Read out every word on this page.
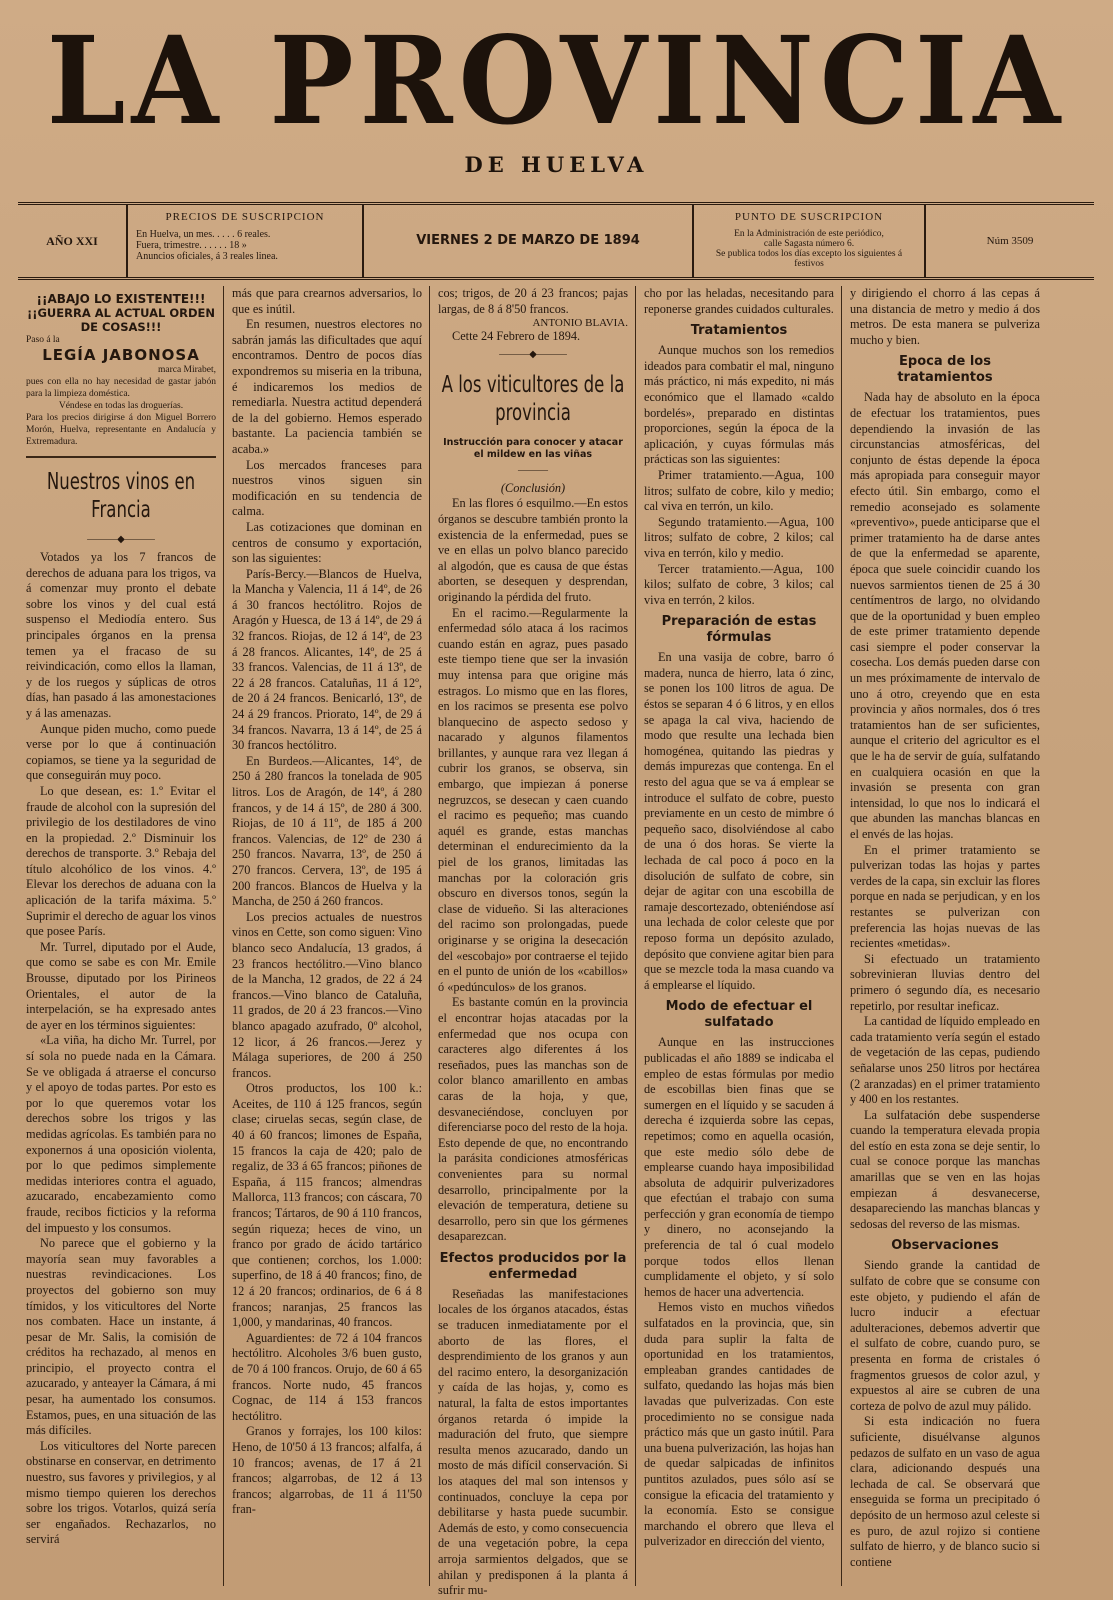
LA PROVINCIA
DE HUELVA
AÑO XXI
PRECIOS DE SUSCRIPCION
En Huelva, un mes. . . . . 6 reales.
Fuera, trimestre. . . . . . 18 »
Anuncios oficiales, á 3 reales linea.
VIERNES 2 DE MARZO DE 1894
PUNTO DE SUSCRIPCION
En la Administración de este periódico,
calle Sagasta número 6.
Se publica todos los días excepto los siguientes á festivos
Núm 3509
¡¡ABAJO LO EXISTENTE!!!
¡¡GUERRA AL ACTUAL ORDEN DE COSAS!!!
Paso á la
LEGÍA JABONOSA
marca Mirabet,
pues con ella no hay necesidad de gastar jabón para la limpieza doméstica.
Véndese en todas las droguerías.
Para los precios dirigirse á don Miguel Borrero Morón, Huelva, representante en Andalucía y Extremadura.
Nuestros vinos en Francia
———◆———

Votados ya los 7 francos de derechos de aduana para los trigos, va á comenzar muy pronto el debate sobre los vinos y del cual está suspenso el Mediodía entero. Sus principales órganos en la prensa temen ya el fracaso de su reivindicación, como ellos la llaman, y de los ruegos y súplicas de otros días, han pasado á las amonestaciones y á las amenazas.

Aunque piden mucho, como puede verse por lo que á continuación copiamos, se tiene ya la seguridad de que conseguirán muy poco.

Lo que desean, es: 1.º Evitar el fraude de alcohol con la supresión del privilegio de los destiladores de vino en la propiedad. 2.º Disminuir los derechos de transporte. 3.º Rebaja del título alcohólico de los vinos. 4.º Elevar los derechos de aduana con la aplicación de la tarifa máxima. 5.º Suprimir el derecho de aguar los vinos que posee París.

Mr. Turrel, diputado por el Aude, que como se sabe es con Mr. Emile Brousse, diputado por los Pirineos Orientales, el autor de la interpelación, se ha expresado antes de ayer en los términos siguientes:

«La viña, ha dicho Mr. Turrel, por sí sola no puede nada en la Cámara. Se ve obligada á atraerse el concurso y el apoyo de todas partes. Por esto es por lo que queremos votar los derechos sobre los trigos y las medidas agrícolas. Es también para no exponernos á una oposición violenta, por lo que pedimos simplemente medidas interiores contra el aguado, azucarado, encabezamiento como fraude, recibos ficticios y la reforma del impuesto y los consumos.

No parece que el gobierno y la mayoría sean muy favorables a nuestras revindicaciones. Los proyectos del gobierno son muy tímidos, y los viticultores del Norte nos combaten. Hace un instante, á pesar de Mr. Salis, la comisión de créditos ha rechazado, al menos en principio, el proyecto contra el azucarado, y anteayer la Cámara, á mi pesar, ha aumentado los consumos. Estamos, pues, en una situación de las más difíciles.

Los viticultores del Norte parecen obstinarse en conservar, en detrimento nuestro, sus favores y privilegios, y al mismo tiempo quieren los derechos sobre los trigos. Votarlos, quizá sería ser engañados. Rechazarlos, no servirá

más que para crearnos adversarios, lo que es inútil.

En resumen, nuestros electores no sabrán jamás las dificultades que aquí encontramos. Dentro de pocos días expondremos su miseria en la tribuna, é indicaremos los medios de remediarla. Nuestra actitud dependerá de la del gobierno. Hemos esperado bastante. La paciencia también se acaba.»

Los mercados franceses para nuestros vinos siguen sin modificación en su tendencia de calma.

Las cotizaciones que dominan en centros de consumo y exportación, son las siguientes:

París-Bercy.—Blancos de Huelva, la Mancha y Valencia, 11 á 14º, de 26 á 30 francos hectólitro. Rojos de Aragón y Huesca, de 13 á 14º, de 29 á 32 francos. Riojas, de 12 á 14º, de 23 á 28 francos. Alicantes, 14º, de 25 á 33 francos. Valencias, de 11 á 13º, de 22 á 28 francos. Cataluñas, 11 á 12º, de 20 á 24 francos. Benicarló, 13º, de 24 á 29 francos. Priorato, 14º, de 29 á 34 francos. Navarra, 13 á 14º, de 25 á 30 francos hectólitro.

En Burdeos.—Alicantes, 14º, de 250 á 280 francos la tonelada de 905 litros. Los de Aragón, de 14º, á 280 francos, y de 14 á 15º, de 280 á 300. Riojas, de 10 á 11º, de 185 á 200 francos. Valencias, de 12º de 230 á 250 francos. Navarra, 13º, de 250 á 270 francos. Cervera, 13º, de 195 á 200 francos. Blancos de Huelva y la Mancha, de 250 á 260 francos.

Los precios actuales de nuestros vinos en Cette, son como siguen: Vino blanco seco Andalucía, 13 grados, á 23 francos hectólitro.—Vino blanco de la Mancha, 12 grados, de 22 á 24 francos.—Vino blanco de Cataluña, 11 grados, de 20 á 23 francos.—Vino blanco apagado azufrado, 0º alcohol, 12 licor, á 26 francos.—Jerez y Málaga superiores, de 200 á 250 francos.

Otros productos, los 100 k.: Aceites, de 110 á 125 francos, según clase; ciruelas secas, según clase, de 40 á 60 francos; limones de España, 15 francos la caja de 420; palo de regaliz, de 33 á 65 francos; piñones de España, á 115 francos; almendras Mallorca, 113 francos; con cáscara, 70 francos; Tártaros, de 90 á 110 francos, según riqueza; heces de vino, un franco por grado de ácido tartárico que contienen; corchos, los 1.000: superfino, de 18 á 40 francos; fino, de 12 á 20 francos; ordinarios, de 6 á 8 francos; naranjas, 25 francos las 1,000, y mandarinas, 40 francos.

Aguardientes: de 72 á 104 francos hectólitro. Alcoholes 3/6 buen gusto, de 70 á 100 francos. Orujo, de 60 á 65 francos. Norte nudo, 45 francos Cognac, de 114 á 153 francos hectólitro.

Granos y forrajes, los 100 kilos: Heno, de 10'50 á 13 francos; alfalfa, á 10 francos; avenas, de 17 á 21 francos; algarrobas, de 12 á 13 francos; algarrobas, de 11 á 11'50 fran-

cos; trigos, de 20 á 23 francos; pajas largas, de 8 á 8'50 francos.

ANTONIO BLAVIA.

Cette 24 Febrero de 1894.

———◆———
A los viticultores de la provincia
Instrucción para conocer y atacar el mildew en las viñas
———

(Conclusión)

En las flores ó esquilmo.—En estos órganos se descubre también pronto la existencia de la enfermedad, pues se ve en ellas un polvo blanco parecido al algodón, que es causa de que éstas aborten, se desequen y desprendan, originando la pérdida del fruto.

En el racimo.—Regularmente la enfermedad sólo ataca á los racimos cuando están en agraz, pues pasado este tiempo tiene que ser la invasión muy intensa para que origine más estragos. Lo mismo que en las flores, en los racimos se presenta ese polvo blanquecino de aspecto sedoso y nacarado y algunos filamentos brillantes, y aunque rara vez llegan á cubrir los granos, se observa, sin embargo, que impiezan á ponerse negruzcos, se desecan y caen cuando el racimo es pequeño; mas cuando aquél es grande, estas manchas determinan el endurecimiento da la piel de los granos, limitadas las manchas por la coloración gris obscuro en diversos tonos, según la clase de vidueño. Si las alteraciones del racimo son prolongadas, puede originarse y se origina la desecación del «escobajo» por contraerse el tejido en el punto de unión de los «cabillos» ó «pedúnculos» de los granos.

Es bastante común en la provincia el encontrar hojas atacadas por la enfermedad que nos ocupa con caracteres algo diferentes á los reseñados, pues las manchas son de color blanco amarillento en ambas caras de la hoja, y que, desvaneciéndose, concluyen por diferenciarse poco del resto de la hoja. Esto depende de que, no encontrando la parásita condiciones atmosféricas convenientes para su normal desarrollo, principalmente por la elevación de temperatura, detiene su desarrollo, pero sin que los gérmenes desaparezcan.

Efectos producidos por la enfermedad

Reseñadas las manifestaciones locales de los órganos atacados, éstas se traducen inmediatamente por el aborto de las flores, el desprendimiento de los granos y aun del racimo entero, la desorganización y caída de las hojas, y, como es natural, la falta de estos importantes órganos retarda ó impide la maduración del fruto, que siempre resulta menos azucarado, dando un mosto de más difícil conservación. Si los ataques del mal son intensos y continuados, concluye la cepa por debilitarse y hasta puede sucumbir. Además de esto, y como consecuencia de una vegetación pobre, la cepa arroja sarmientos delgados, que se ahilan y predisponen á la planta á sufrir mu-

cho por las heladas, necesitando para reponerse grandes cuidados culturales.

Tratamientos

Aunque muchos son los remedios ideados para combatir el mal, ninguno más práctico, ni más expedito, ni más económico que el llamado «caldo bordelés», preparado en distintas proporciones, según la época de la aplicación, y cuyas fórmulas más prácticas son las siguientes:

Primer tratamiento.—Agua, 100 litros; sulfato de cobre, kilo y medio; cal viva en terrón, un kilo.

Segundo tratamiento.—Agua, 100 litros; sulfato de cobre, 2 kilos; cal viva en terrón, kilo y medio.

Tercer tratamiento.—Agua, 100 kilos; sulfato de cobre, 3 kilos; cal viva en terrón, 2 kilos.

Preparación de estas fórmulas

En una vasija de cobre, barro ó madera, nunca de hierro, lata ó zinc, se ponen los 100 litros de agua. De éstos se separan 4 ó 6 litros, y en ellos se apaga la cal viva, haciendo de modo que resulte una lechada bien homogénea, quitando las piedras y demás impurezas que contenga. En el resto del agua que se va á emplear se introduce el sulfato de cobre, puesto previamente en un cesto de mimbre ó pequeño saco, disolviéndose al cabo de una ó dos horas. Se vierte la lechada de cal poco á poco en la disolución de sulfato de cobre, sin dejar de agitar con una escobilla de ramaje descortezado, obteniéndose así una lechada de color celeste que por reposo forma un depósito azulado, depósito que conviene agitar bien para que se mezcle toda la masa cuando va á emplearse el líquido.

Modo de efectuar el sulfatado

Aunque en las instrucciones publicadas el año 1889 se indicaba el empleo de estas fórmulas por medio de escobillas bien finas que se sumergen en el líquido y se sacuden á derecha é izquierda sobre las cepas, repetimos; como en aquella ocasión, que este medio sólo debe de emplearse cuando haya imposibilidad absoluta de adquirir pulverizadores que efectúan el trabajo con suma perfección y gran economía de tiempo y dinero, no aconsejando la preferencia de tal ó cual modelo porque todos ellos llenan cumplidamente el objeto, y sí solo hemos de hacer una advertencia.

Hemos visto en muchos viñedos sulfatados en la provincia, que, sin duda para suplir la falta de oportunidad en los tratamientos, empleaban grandes cantidades de sulfato, quedando las hojas más bien lavadas que pulverizadas. Con este procedimiento no se consigue nada práctico más que un gasto inútil. Para una buena pulverización, las hojas han de quedar salpicadas de infinitos puntitos azulados, pues sólo así se consigue la eficacia del tratamiento y la economía. Esto se consigue marchando el obrero que lleva el pulverizador en dirección del viento,

y dirigiendo el chorro á las cepas á una distancia de metro y medio á dos metros. De esta manera se pulveriza mucho y bien.

Epoca de los tratamientos

Nada hay de absoluto en la época de efectuar los tratamientos, pues dependiendo la invasión de las circunstancias atmosféricas, del conjunto de éstas depende la época más apropiada para conseguir mayor efecto útil. Sin embargo, como el remedio aconsejado es solamente «preventivo», puede anticiparse que el primer tratamiento ha de darse antes de que la enfermedad se aparente, época que suele coincidir cuando los nuevos sarmientos tienen de 25 á 30 centímentros de largo, no olvidando que de la oportunidad y buen empleo de este primer tratamiento depende casi siempre el poder conservar la cosecha. Los demás pueden darse con un mes próximamente de intervalo de uno á otro, creyendo que en esta provincia y años normales, dos ó tres tratamientos han de ser suficientes, aunque el criterio del agricultor es el que le ha de servir de guía, sulfatando en cualquiera ocasión en que la invasión se presenta con gran intensidad, lo que nos lo indicará el que abunden las manchas blancas en el envés de las hojas.

En el primer tratamiento se pulverizan todas las hojas y partes verdes de la capa, sin excluir las flores porque en nada se perjudican, y en los restantes se pulverizan con preferencia las hojas nuevas de las recientes «metidas».

Si efectuado un tratamiento sobrevinieran lluvias dentro del primero ó segundo día, es necesario repetirlo, por resultar ineficaz.

La cantidad de líquido empleado en cada tratamiento vería según el estado de vegetación de las cepas, pudiendo señalarse unos 250 litros por hectárea (2 aranzadas) en el primer tratamiento y 400 en los restantes.

La sulfatación debe suspenderse cuando la temperatura elevada propia del estío en esta zona se deje sentir, lo cual se conoce porque las manchas amarillas que se ven en las hojas empiezan á desvanecerse, desapareciendo las manchas blancas y sedosas del reverso de las mismas.

Observaciones

Siendo grande la cantidad de sulfato de cobre que se consume con este objeto, y pudiendo el afán de lucro inducir a efectuar adulteraciones, debemos advertir que el sulfato de cobre, cuando puro, se presenta en forma de cristales ó fragmentos gruesos de color azul, y expuestos al aire se cubren de una corteza de polvo de azul muy pálido.

Si esta indicación no fuera suficiente, disuélvanse algunos pedazos de sulfato en un vaso de agua clara, adicionando después una lechada de cal. Se observará que enseguida se forma un precipitado ó depósito de un hermoso azul celeste si es puro, de azul rojizo si contiene sulfato de hierro, y de blanco sucio si contiene
